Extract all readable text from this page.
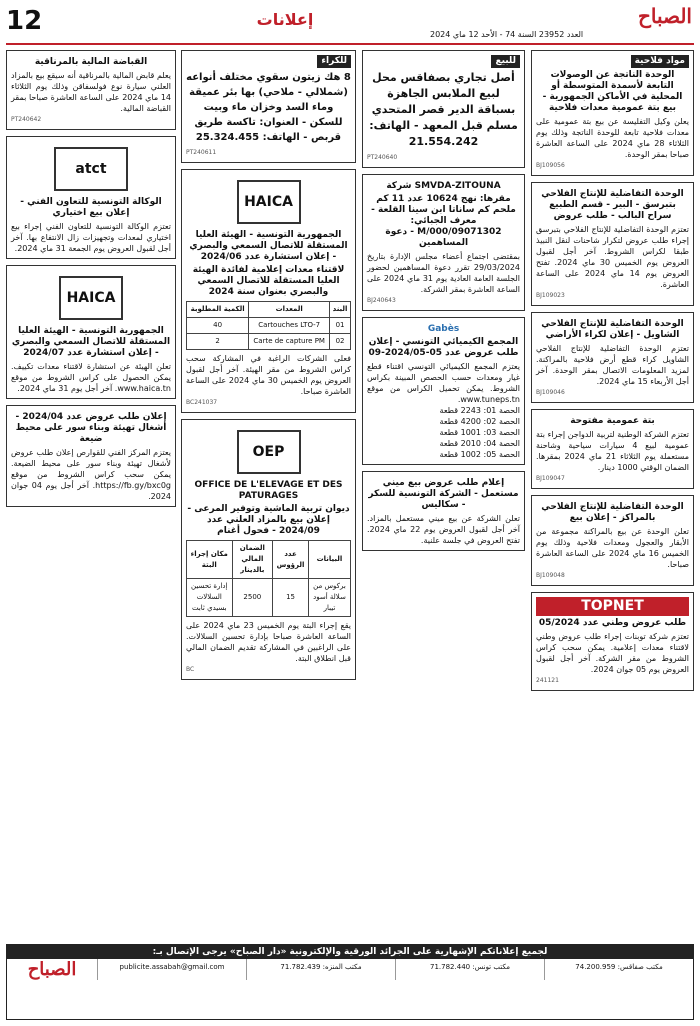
12	إعلانات
العدد 23952 السنة 74 - الأحد 12 ماي 2024
الصباح
مواد فلاحية
الوحدة الناتجة عن الوصولات التابعة لأسمدة المتوسطة أو المحلية في الأماكن الجمهورية - بيع بتة عمومية معدات فلاحية
يعلن وكيل التفليسة عن بيع بتة عمومية على معدات فلاحية تابعة للوحدة الناتجة وذلك يوم الثلاثاء 28 ماي 2024 على الساعة العاشرة صباحا بمقر الوحدة.
BJ109056
الوحدة التفاضلية للإنتاج الفلاحي بتبرسق - البير - قسم الطبيع سراح البالب - طلب عروض
تعتزم الوحدة التفاضلية للإنتاج الفلاحي بتبرسق إجراء طلب عروض لتكرار شاحنات لنقل النبيذ طبقا لكراس الشروط. آخر أجل لقبول العروض يوم الخميس 30 ماي 2024. تفتح العروض يوم 14 ماي 2024 على الساعة العاشرة.
BJ109023
الوحدة التفاضلية للإنتاج الفلاحي الشاويل - إعلان لكراء الأراضي
تعتزم الوحدة التفاضلية للإنتاج الفلاحي الشاويل كراء قطع أرض فلاحية بالمراكنة. لمزيد المعلومات الاتصال بمقر الوحدة. آخر أجل الأربعاء 15 ماي 2024.
BJ109046
بتة عمومية مفتوحة
تعتزم الشركة الوطنية لتربية الدواجن إجراء بتة عمومية لبيع 4 سيارات سياحية وشاحنة مستعملة يوم الثلاثاء 21 ماي 2024 بمقرها. الضمان الوقتي 1000 دينار.
BJ109047
الوحدة التفاضلية للإنتاج الفلاحي بالمراكز - إعلان بيع
تعلن الوحدة عن بيع بالمراكنة مجموعة من الأبقار والعجول ومعدات فلاحية وذلك يوم الخميس 16 ماي 2024 على الساعة العاشرة صباحا.
BJ109048
TOPNET
طلب عروض وطني عدد 05/2024
تعتزم شركة توبنات إجراء طلب عروض وطني لاقتناء معدات إعلامية. يمكن سحب كراس الشروط من مقر الشركة. آخر أجل لقبول العروض يوم 05 جوان 2024.
241121
للبيع
أصل تجاري بصفاقس محل لبيع الملابس الجاهزة بسباقة الدير قصر المتحدي مسلم قبل المعهد - الهاتف: 21.554.242
PT240640
SMVDA-ZITOUNA شركة
مقرها: نهج 10624 عدد 11 كم ملحم كم ساناتا ابن سينا القلعة - معرف الجبائي: 09071302/M/000 - دعوة المساهمين
بمقتضى اجتماع أعضاء مجلس الإدارة بتاريخ 29/03/2024 تقرر دعوة المساهمين لحضور الجلسة العامة العادية يوم 31 ماي 2024 على الساعة العاشرة بمقر الشركة.
BJ240643
Gabès
المجمع الكيميائي التونسي - إعلان طلب عروض عدد 05-2024/05-09
يعتزم المجمع الكيميائي التونسي اقتناء قطع غيار ومعدات حسب الحصص المبينة بكراس الشروط. يمكن تحميل الكراس من موقع www.tuneps.tn.
الحصة 01: 2243 قطعة
الحصة 02: 4200 قطعة
الحصة 03: 1001 قطعة
الحصة 04: 2010 قطعة
الحصة 05: 1002 قطعة
إعلام طلب عروض بيع ميني مستعمل - الشركة التونسية للسكر - سكاليس
تعلن الشركة عن بيع ميني مستعمل بالمزاد. آخر أجل لقبول العروض يوم 22 ماي 2024. تفتح العروض في جلسة علنية.
للكراء
8 هك زيتون سقوي مختلف أنواعه (شملالي - ملاحي) بها بئر عميقة وماء السد وخزان ماء وبيت للسكن - العنوان: تاكسة طريق قربص - الهاتف: 25.324.455
PT240611
HAICA
الجمهورية التونسية - الهيئة العليا المستقلة للاتصال السمعي والبصري - إعلان استشارة عدد 2024/06
لاقتناء معدات إعلامية لفائدة الهيئة العليا المستقلة للاتصال السمعي والبصري بعنوان سنة 2024
البند	المعدات	الكمية المطلوبة
01	Cartouches LTO-7	40
02	Carte de capture PM	2
فعلى الشركات الراغبة في المشاركة سحب كراس الشروط من مقر الهيئة. آخر أجل لقبول العروض يوم الخميس 30 ماي 2024 على الساعة العاشرة صباحا.
BC241037
OEP
OFFICE DE L'ELEVAGE ET DES PATURAGES
ديوان تربية الماشية وتوفير المرعى - إعلان بيع بالمزاد العلني عدد 2024/09 - فحول أغنام
البيانات	عدد الرؤوس	الضمان المالي بالدينار	مكان إجراء البتة
بركوس من سلالة أسود تيبار	15	2500	إدارة تحسين السلالات بسيدي ثابت
يقع إجراء البتة يوم الخميس 23 ماي 2024 على الساعة العاشرة صباحا بإدارة تحسين السلالات. على الراغبين في المشاركة تقديم الضمان المالي قبل انطلاق البتة.
BC
القباضة المالية بالمرناقية
يعلم قابض المالية بالمرناقية أنه سيقع بيع بالمزاد العلني سيارة نوع فولسفاقن وذلك يوم الثلاثاء 14 ماي 2024 على الساعة العاشرة صباحا بمقر القباضة المالية.
PT240642
atct
الوكالة التونسية للتعاون الفني - إعلان بيع اختياري
تعتزم الوكالة التونسية للتعاون الفني إجراء بيع اختياري لمعدات وتجهيزات زال الانتفاع بها. آخر أجل لقبول العروض يوم الجمعة 31 ماي 2024.
HAICA
الجمهورية التونسية - الهيئة العليا المستقلة للاتصال السمعي والبصري - إعلان استشارة عدد 2024/07
تعلن الهيئة عن استشارة لاقتناء معدات تكييف. يمكن الحصول على كراس الشروط من موقع www.haica.tn. آخر أجل يوم 31 ماي 2024.
إعلان طلب عروض عدد 2024/04 - أشغال تهيئة وبناء سور على محيط ضيعة
يعتزم المركز الفني للقوارص إعلان طلب عروض لأشغال تهيئة وبناء سور على محيط الضيعة. يمكن سحب كراس الشروط من موقع https://fb.gy/bxc0g. آخر أجل يوم 04 جوان 2024.
لجميع إعلاناتكم الإشهارية على الجرائد الورقية والإلكترونية «دار الصباح» يرجى الإتصال بـ:
مكتب صفاقس: 74.200.959
مكتب تونس: 71.782.440
مكتب المنزه: 71.782.439
publicite.assabah@gmail.com
الصباح
